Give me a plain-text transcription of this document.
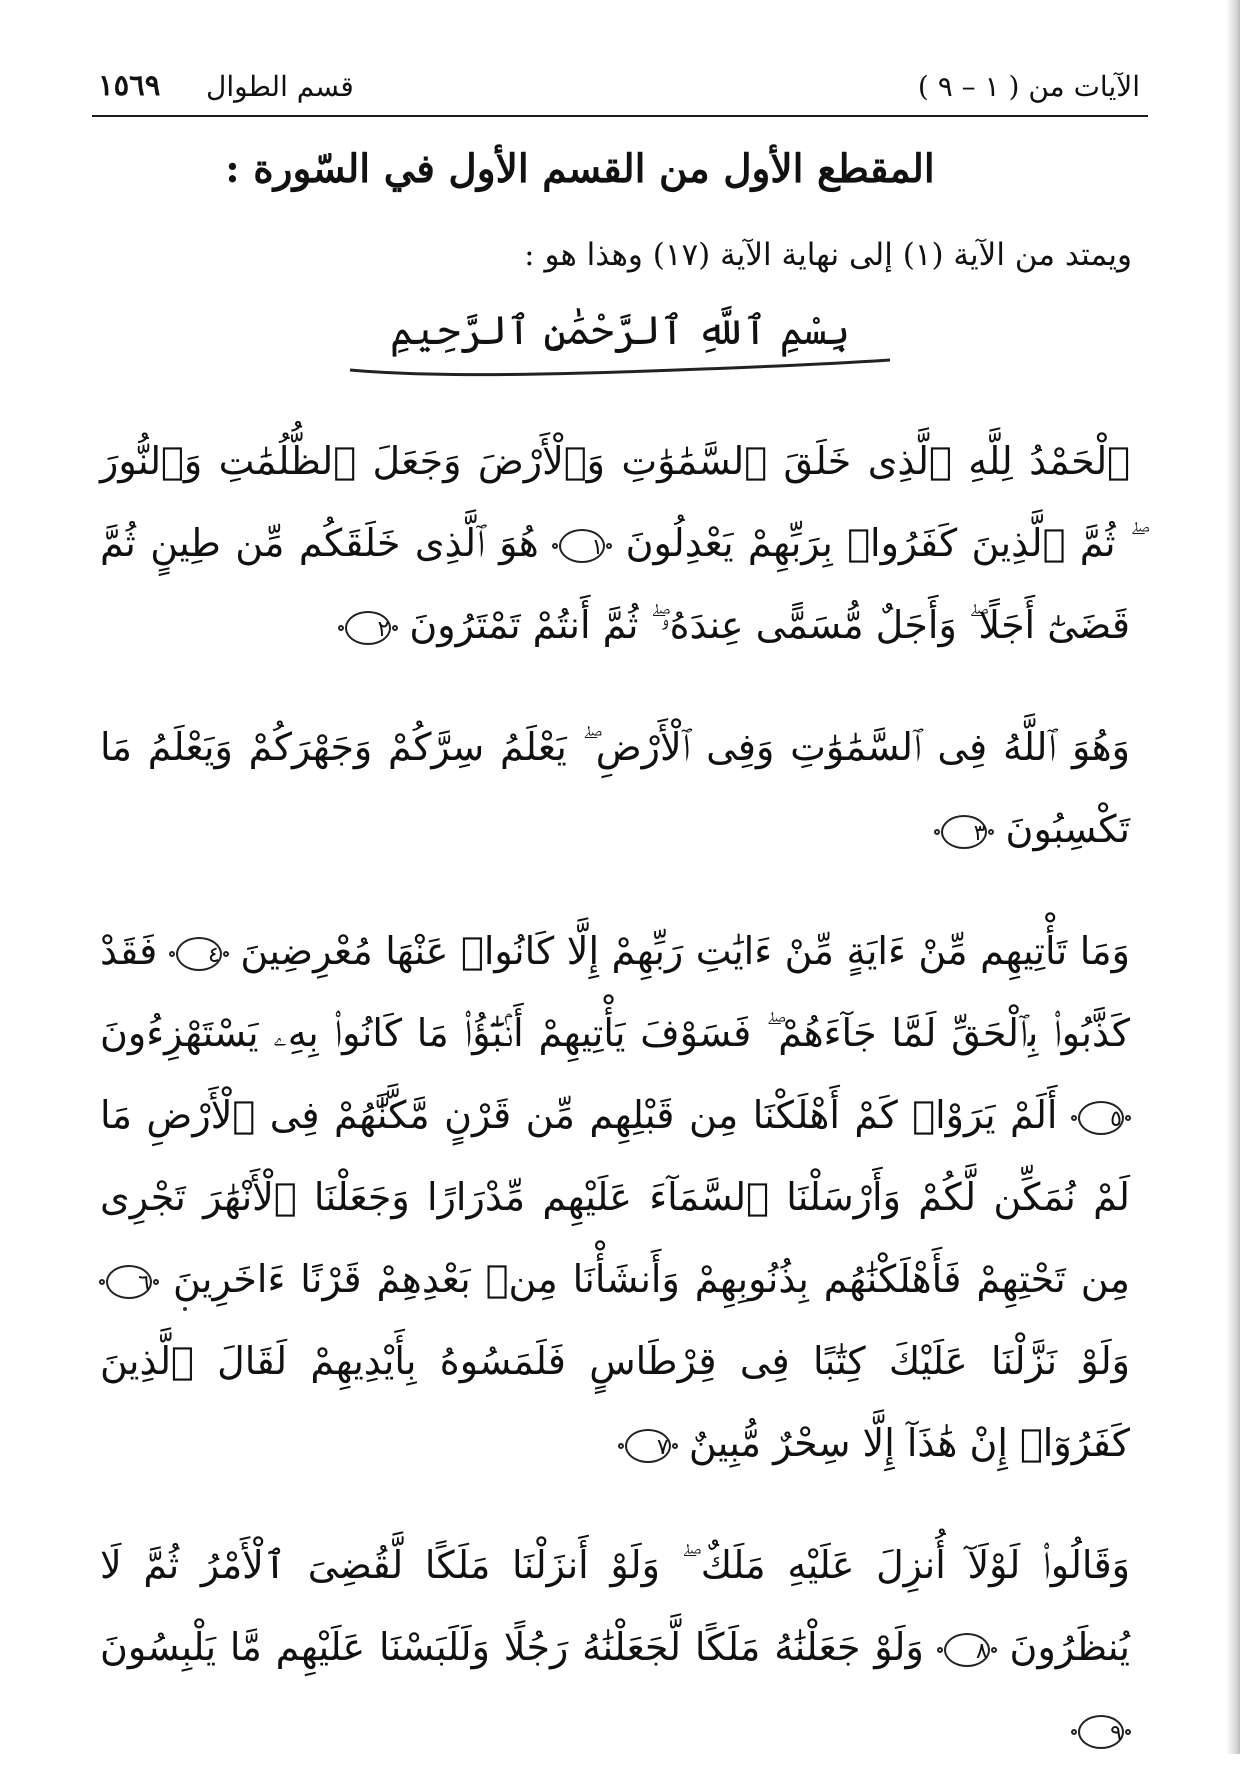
الآيات من ( ١ – ٩ )
قسم الطوال
١٥٦٩
المقطع الأول من القسم الأول في السّورة :
ويمتد من الآية (١) إلى نهاية الآية (١٧) وهذا هو :
بِسْمِ ٱللَّهِ ٱلرَّحْمَٰنِ ٱلرَّحِيمِ

ٱلْحَمْدُ لِلَّهِ ٱلَّذِى خَلَقَ ٱلسَّمَٰوَٰتِ وَٱلْأَرْضَ وَجَعَلَ ٱلظُّلُمَٰتِ وَٱلنُّورَ ۖ ثُمَّ ٱلَّذِينَ كَفَرُوا۟ بِرَبِّهِمْ يَعْدِلُونَ ١ هُوَ ٱلَّذِى خَلَقَكُم مِّن طِينٍ ثُمَّ قَضَىٰٓ أَجَلًا ۖ وَأَجَلٌ مُّسَمًّى عِندَهُۥ ۖ ثُمَّ أَنتُمْ تَمْتَرُونَ ٢

وَهُوَ ٱللَّهُ فِى ٱلسَّمَٰوَٰتِ وَفِى ٱلْأَرْضِ ۖ يَعْلَمُ سِرَّكُمْ وَجَهْرَكُمْ وَيَعْلَمُ مَا تَكْسِبُونَ ٣

وَمَا تَأْتِيهِم مِّنْ ءَايَةٍ مِّنْ ءَايَٰتِ رَبِّهِمْ إِلَّا كَانُوا۟ عَنْهَا مُعْرِضِينَ ٤ فَقَدْ كَذَّبُوا۟ بِٱلْحَقِّ لَمَّا جَآءَهُمْ ۖ فَسَوْفَ يَأْتِيهِمْ أَنۢبَٰٓؤُا۟ مَا كَانُوا۟ بِهِۦ يَسْتَهْزِءُونَ ٥ أَلَمْ يَرَوْا۟ كَمْ أَهْلَكْنَا مِن قَبْلِهِم مِّن قَرْنٍ مَّكَّنَّٰهُمْ فِى ٱلْأَرْضِ مَا لَمْ نُمَكِّن لَّكُمْ وَأَرْسَلْنَا ٱلسَّمَآءَ عَلَيْهِم مِّدْرَارًا وَجَعَلْنَا ٱلْأَنْهَٰرَ تَجْرِى مِن تَحْتِهِمْ فَأَهْلَكْنَٰهُم بِذُنُوبِهِمْ وَأَنشَأْنَا مِنۢ بَعْدِهِمْ قَرْنًا ءَاخَرِينَ ٦ وَلَوْ نَزَّلْنَا عَلَيْكَ كِتَٰبًا فِى قِرْطَاسٍ فَلَمَسُوهُ بِأَيْدِيهِمْ لَقَالَ ٱلَّذِينَ كَفَرُوٓا۟ إِنْ هَٰذَآ إِلَّا سِحْرٌ مُّبِينٌ ٧

وَقَالُوا۟ لَوْلَآ أُنزِلَ عَلَيْهِ مَلَكٌ ۖ وَلَوْ أَنزَلْنَا مَلَكًا لَّقُضِىَ ٱلْأَمْرُ ثُمَّ لَا يُنظَرُونَ ٨ وَلَوْ جَعَلْنَٰهُ مَلَكًا لَّجَعَلْنَٰهُ رَجُلًا وَلَلَبَسْنَا عَلَيْهِم مَّا يَلْبِسُونَ ٩
